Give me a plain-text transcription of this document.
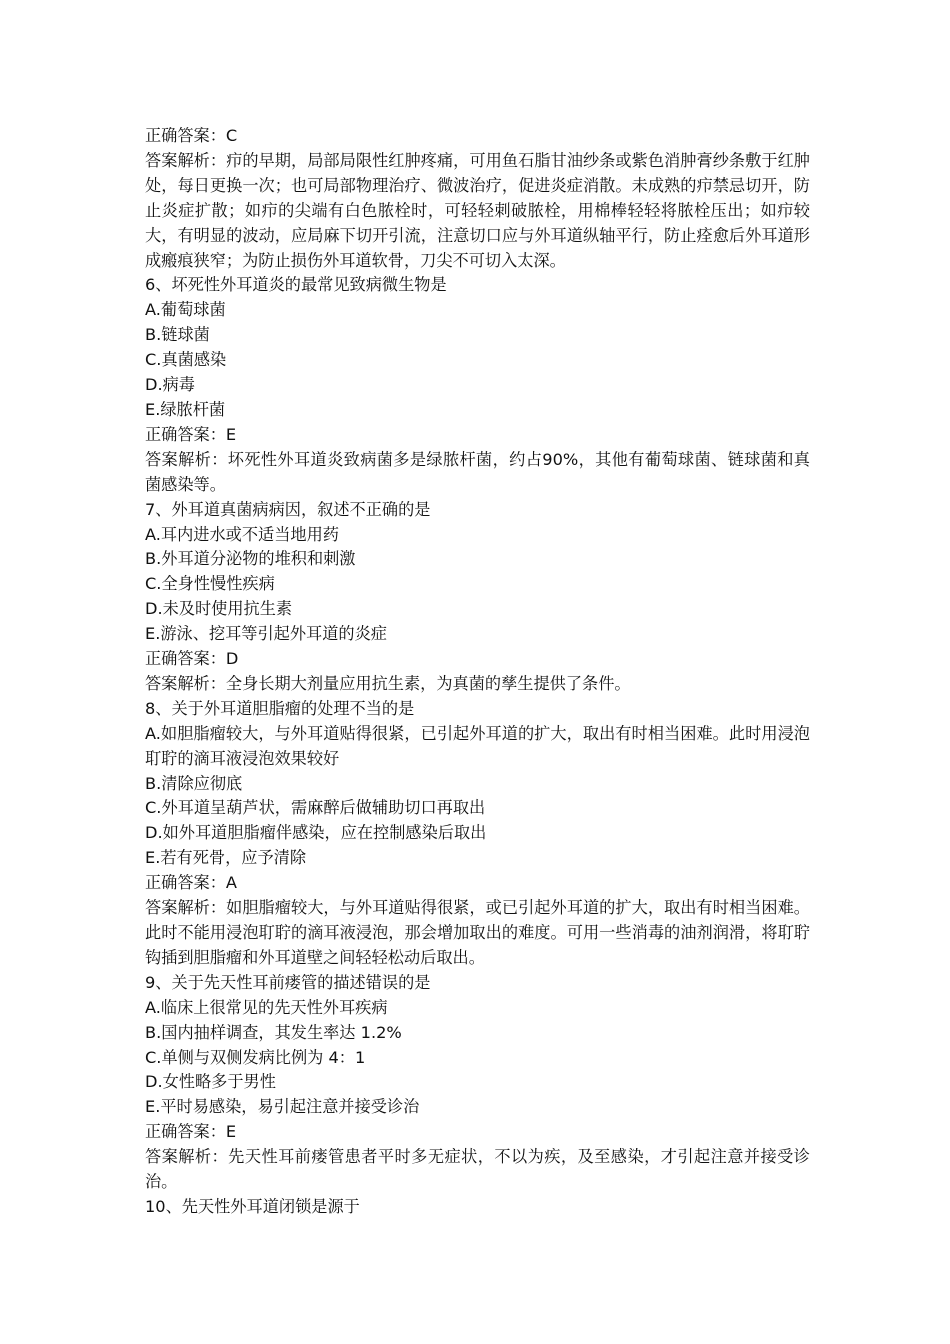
正确答案：C
答案解析：疖的早期，局部局限性红肿疼痛，可用鱼石脂甘油纱条或紫色消肿膏纱条敷于红肿处，每日更换一次；也可局部物理治疗、微波治疗，促进炎症消散。未成熟的疖禁忌切开，防止炎症扩散；如疖的尖端有白色脓栓时，可轻轻刺破脓栓，用棉棒轻轻将脓栓压出；如疖较大，有明显的波动，应局麻下切开引流，注意切口应与外耳道纵轴平行，防止痊愈后外耳道形成瘢痕狭窄；为防止损伤外耳道软骨，刀尖不可切入太深。
6、坏死性外耳道炎的最常见致病微生物是
A.葡萄球菌
B.链球菌
C.真菌感染
D.病毒
E.绿脓杆菌
正确答案：E
答案解析：坏死性外耳道炎致病菌多是绿脓杆菌，约占90%，其他有葡萄球菌、链球菌和真菌感染等。
7、外耳道真菌病病因，叙述不正确的是
A.耳内进水或不适当地用药
B.外耳道分泌物的堆积和刺激
C.全身性慢性疾病
D.未及时使用抗生素
E.游泳、挖耳等引起外耳道的炎症
正确答案：D
答案解析：全身长期大剂量应用抗生素，为真菌的孳生提供了条件。
8、关于外耳道胆脂瘤的处理不当的是
A.如胆脂瘤较大，与外耳道贴得很紧，已引起外耳道的扩大，取出有时相当困难。此时用浸泡耵聍的滴耳液浸泡效果较好
B.清除应彻底
C.外耳道呈葫芦状，需麻醉后做辅助切口再取出
D.如外耳道胆脂瘤伴感染，应在控制感染后取出
E.若有死骨，应予清除
正确答案：A
答案解析：如胆脂瘤较大，与外耳道贴得很紧，或已引起外耳道的扩大，取出有时相当困难。此时不能用浸泡耵聍的滴耳液浸泡，那会增加取出的难度。可用一些消毒的油剂润滑，将耵聍钩插到胆脂瘤和外耳道壁之间轻轻松动后取出。
9、关于先天性耳前瘘管的描述错误的是
A.临床上很常见的先天性外耳疾病
B.国内抽样调查，其发生率达 1.2%
C.单侧与双侧发病比例为 4：1
D.女性略多于男性
E.平时易感染，易引起注意并接受诊治
正确答案：E
答案解析：先天性耳前瘘管患者平时多无症状，不以为疾，及至感染，才引起注意并接受诊治。
10、先天性外耳道闭锁是源于
